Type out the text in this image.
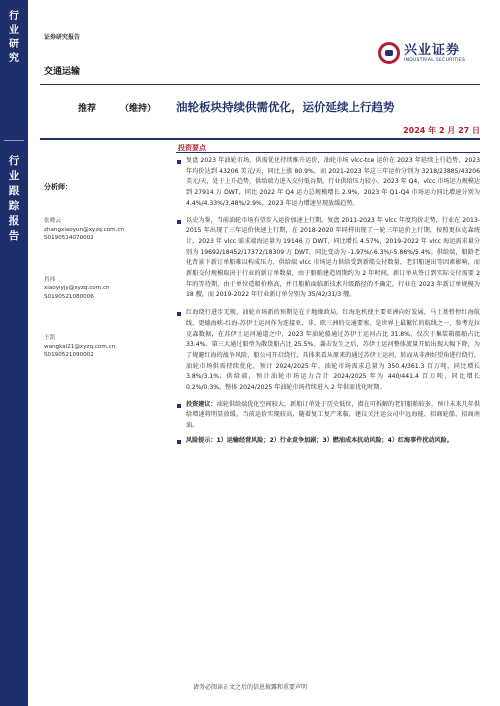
行
业
研
究
行
业
跟
踪
报
告
证券研究报告
交通运输
兴业证券
INDUSTRIAL SECURITIES
推荐	（维持） 油轮板块持续供需优化，运价延续上行趋势
2024 年 2 月 27 日
投资要点
分析师：
张晓云
zhangxiaoyun@xyzq.com.cn
S0190514070002
肖祎
xiaoyiyjy@xyzq.com.cn
S0190521080006
王凯
wangkai21@xyzq.com.cn
S0190521090002
复盘 2023 年油轮市场，供需优化持续推升运价，油轮市场 vlcc-tce 运价在 2023 年延续上行趋势，2023 年均价达到 43206 美元/天，同比上涨 80.9%，而 2021-2023 年这三年运价分别为 3218/23885/43206 美元/天，处于上升趋势，供给端力进入交付低谷期。行业供给压力较小，2023 年 Q4，vlcc 市场运力规模达到 27914 万 DWT，同比 2022 年 Q4 运力总规模增长 2.9%，2023 年 Q1-Q4 市场运力同比增速分别为 4.4%/4.33%/3.48%/2.9%，2023 年运力增速呈现放缓趋势。
以史为鉴，当前油轮市场有望步入运价加速上行期。复盘 2011-2023 年 vlcc 年度均价走势，行业在 2013-2015 年出现了三年运价快速上行期，在 2018-2020 年同样出现了一轮三年运价上行期，按照更拉克森统计，2023 年 vlcc 需求端海运量为 19146 万 DWT，同比增长 4.57%，2019-2022 年 vlcc 海运需求量分别为 19692/18452/17372/18309 万 DWT，同比变动为 -1.97%/-6.3%/-5.86%/5.4%。供给端，船龄老化背景下新订单船难以构成压力，供给端 vlcc 市场运力供给受到新船交付数量、老旧船退出等因素影响，而新船交付规模取决于行业的新订单数量，由于船舶建造周期约为 2 年时间，新订单从签订到实际交付需要 2 年的等待期，由于单位造船价格高，并且船舶面临新技术升级路径的不确定，行业在 2023 年新订单规模为 18 艘，而 2019-2022 年行业新订单分别为 35/42/31/3 艘。
红海绕行进步无现，油轮市场新的预期是在于地缘政局。红海危机使主要亚洲向好发展，马士基暂停红海航线，更德海峡-红海-苏伊士运河作为连接亚、非、欧三洲的交通要塞，是世界上最繁忙的航线之一，参考克拉克森数据，在苏伊士运河通道之中，2023 年油轮船通过苏伊士运河占比 31.8%，仅次于集装箱船舶占比 33.4%。第三大通过船型为散货船占比 25.5%。袭击发生之后，苏伊士运河整体流量开始出现大幅下降，为了规避红海的战争风险，船公司开启绕行，具体来看从原来的通过苏伊士运河，转而从非洲好望角进行绕行，油轮市场供需持续优化，预计 2024/2025 年，油轮市场需求总量为 350.4/361.3 百万吨，同比增长 3.8%/3.1%；供给端，预计油轮市场运力合计 2024/2025 年为 440/441.4 百万吨，同比增长 0.2%/0.3%，整体 2024/2025 年油轮市场持续进入 2 年供需优化时期。
投资建议：油轮供给端优化空间较大，新船订单处于历史低位，潜在可拆解的老旧船舶较多，预计未来几年供给增速将明显放缓，当前运价实现较高，随着复工复产来临，建议关注运公司中远海能、招商轮船、招商南油。
风险提示：1）运输经营风险；2）行业竞争加剧；3）燃油成本抗动风险；4）红海事件扰动风险。
请务必阅读正文之后的信息披露和重要声明
